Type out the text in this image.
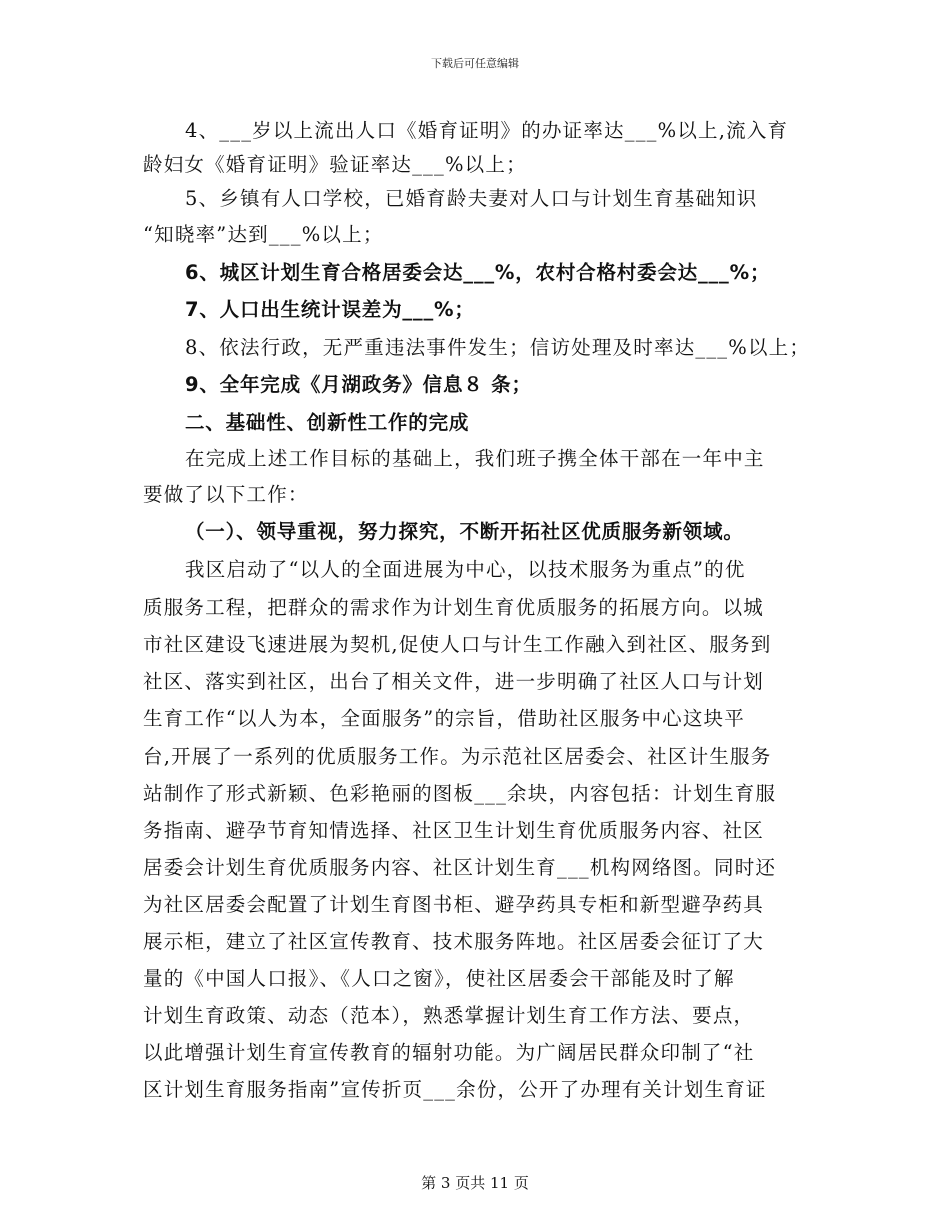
下载后可任意编辑
4、___岁以上流出人口《婚育证明》的办证率达___%以上,流入育
龄妇女《婚育证明》验证率达___%以上；
5、乡镇有人口学校，已婚育龄夫妻对人口与计划生育基础知识
“知晓率”达到___%以上；
6、城区计划生育合格居委会达___%，农村合格村委会达___%；
7、人口出生统计误差为___%；
8、依法行政，无严重违法事件发生；信访处理及时率达___%以上；
9、全年完成《月湖政务》信息８ 条；
二、基础性、创新性工作的完成
在完成上述工作目标的基础上，我们班子携全体干部在一年中主
要做了以下工作：
（一）、领导重视，努力探究，不断开拓社区优质服务新领域。
我区启动了“以人的全面进展为中心，以技术服务为重点”的优
质服务工程，把群众的需求作为计划生育优质服务的拓展方向。以城
市社区建设飞速进展为契机,促使人口与计生工作融入到社区、服务到
社区、落实到社区，出台了相关文件，进一步明确了社区人口与计划
生育工作“以人为本，全面服务”的宗旨，借助社区服务中心这块平
台,开展了一系列的优质服务工作。为示范社区居委会、社区计生服务
站制作了形式新颖、色彩艳丽的图板___余块，内容包括：计划生育服
务指南、避孕节育知情选择、社区卫生计划生育优质服务内容、社区
居委会计划生育优质服务内容、社区计划生育___机构网络图。同时还
为社区居委会配置了计划生育图书柜、避孕药具专柜和新型避孕药具
展示柜，建立了社区宣传教育、技术服务阵地。社区居委会征订了大
量的《中国人口报》、《人口之窗》，使社区居委会干部能及时了解
计划生育政策、动态（范本），熟悉掌握计划生育工作方法、要点，
以此增强计划生育宣传教育的辐射功能。为广阔居民群众印制了“社
区计划生育服务指南”宣传折页___余份，公开了办理有关计划生育证
第 3 页共 11 页
